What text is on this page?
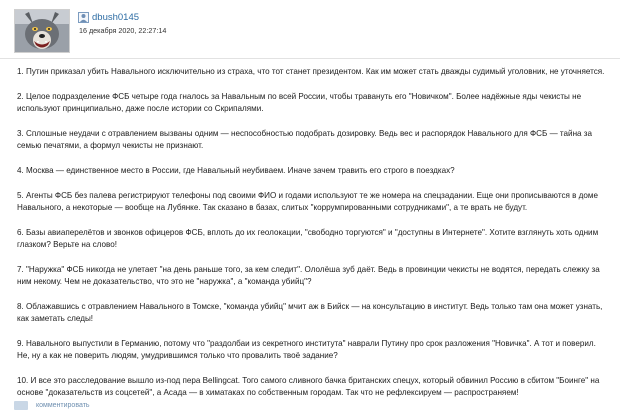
dbush0145
16 декабря 2020, 22:27:14

1. Путин приказал убить Навального исключительно из страха, что тот станет президентом. Как им может стать дважды судимый уголовник, не уточняется.

2. Целое подразделение ФСБ четыре года гналось за Навальным по всей России, чтобы травануть его "Новичком". Более надёжные яды чекисты не используют принципиально, даже после истории со Скрипалями.

3. Сплошные неудачи с отравлением вызваны одним — неспособностью подобрать дозировку. Ведь вес и распорядок Навального для ФСБ — тайна за семью печатями, а формул чекисты не признают.

4. Москва — единственное место в России, где Навальный неубиваем. Иначе зачем травить его строго в поездках?

5. Агенты ФСБ без палева регистрируют телефоны под своими ФИО и годами используют те же номера на спецзадании. Еще они прописываются в доме Навального, а некоторые — вообще на Лубянке. Так сказано в базах, слитых "коррумпированными сотрудниками", а те врать не будут.

6. Базы авиаперелётов и звонков офицеров ФСБ, вплоть до их геолокации, "свободно торгуются" и "доступны в Интернете". Хотите взглянуть хоть одним глазком? Верьте на слово!

7. "Наружка" ФСБ никогда не улетает "на день раньше того, за кем следит". Ололёша зуб даёт. Ведь в провинции чекисты не водятся, передать слежку за ним некому. Чем не доказательство, что это не "наружка", а "команда убийц"?

8. Облажавшись с отравлением Навального в Томске, "команда убийц" мчит аж в Бийск — на консультацию в институт. Ведь только там она может узнать, как заметать следы!

9. Навального выпустили в Германию, потому что "раздолбаи из секретного института" наврали Путину про срок разложения "Новичка". А тот и поверил. Не, ну а как не поверить людям, умудрившимся только что провалить твоё задание?

10. И все это расследование вышло из-под пера Bellingcat. Того самого сливного бачка британских спецух, который обвинил Россию в сбитом "Боинге" на основе "доказательств из соцсетей", а Асада — в химатаках по собственным городам. Так что не рефлексируем — распространяем!

комментировать
